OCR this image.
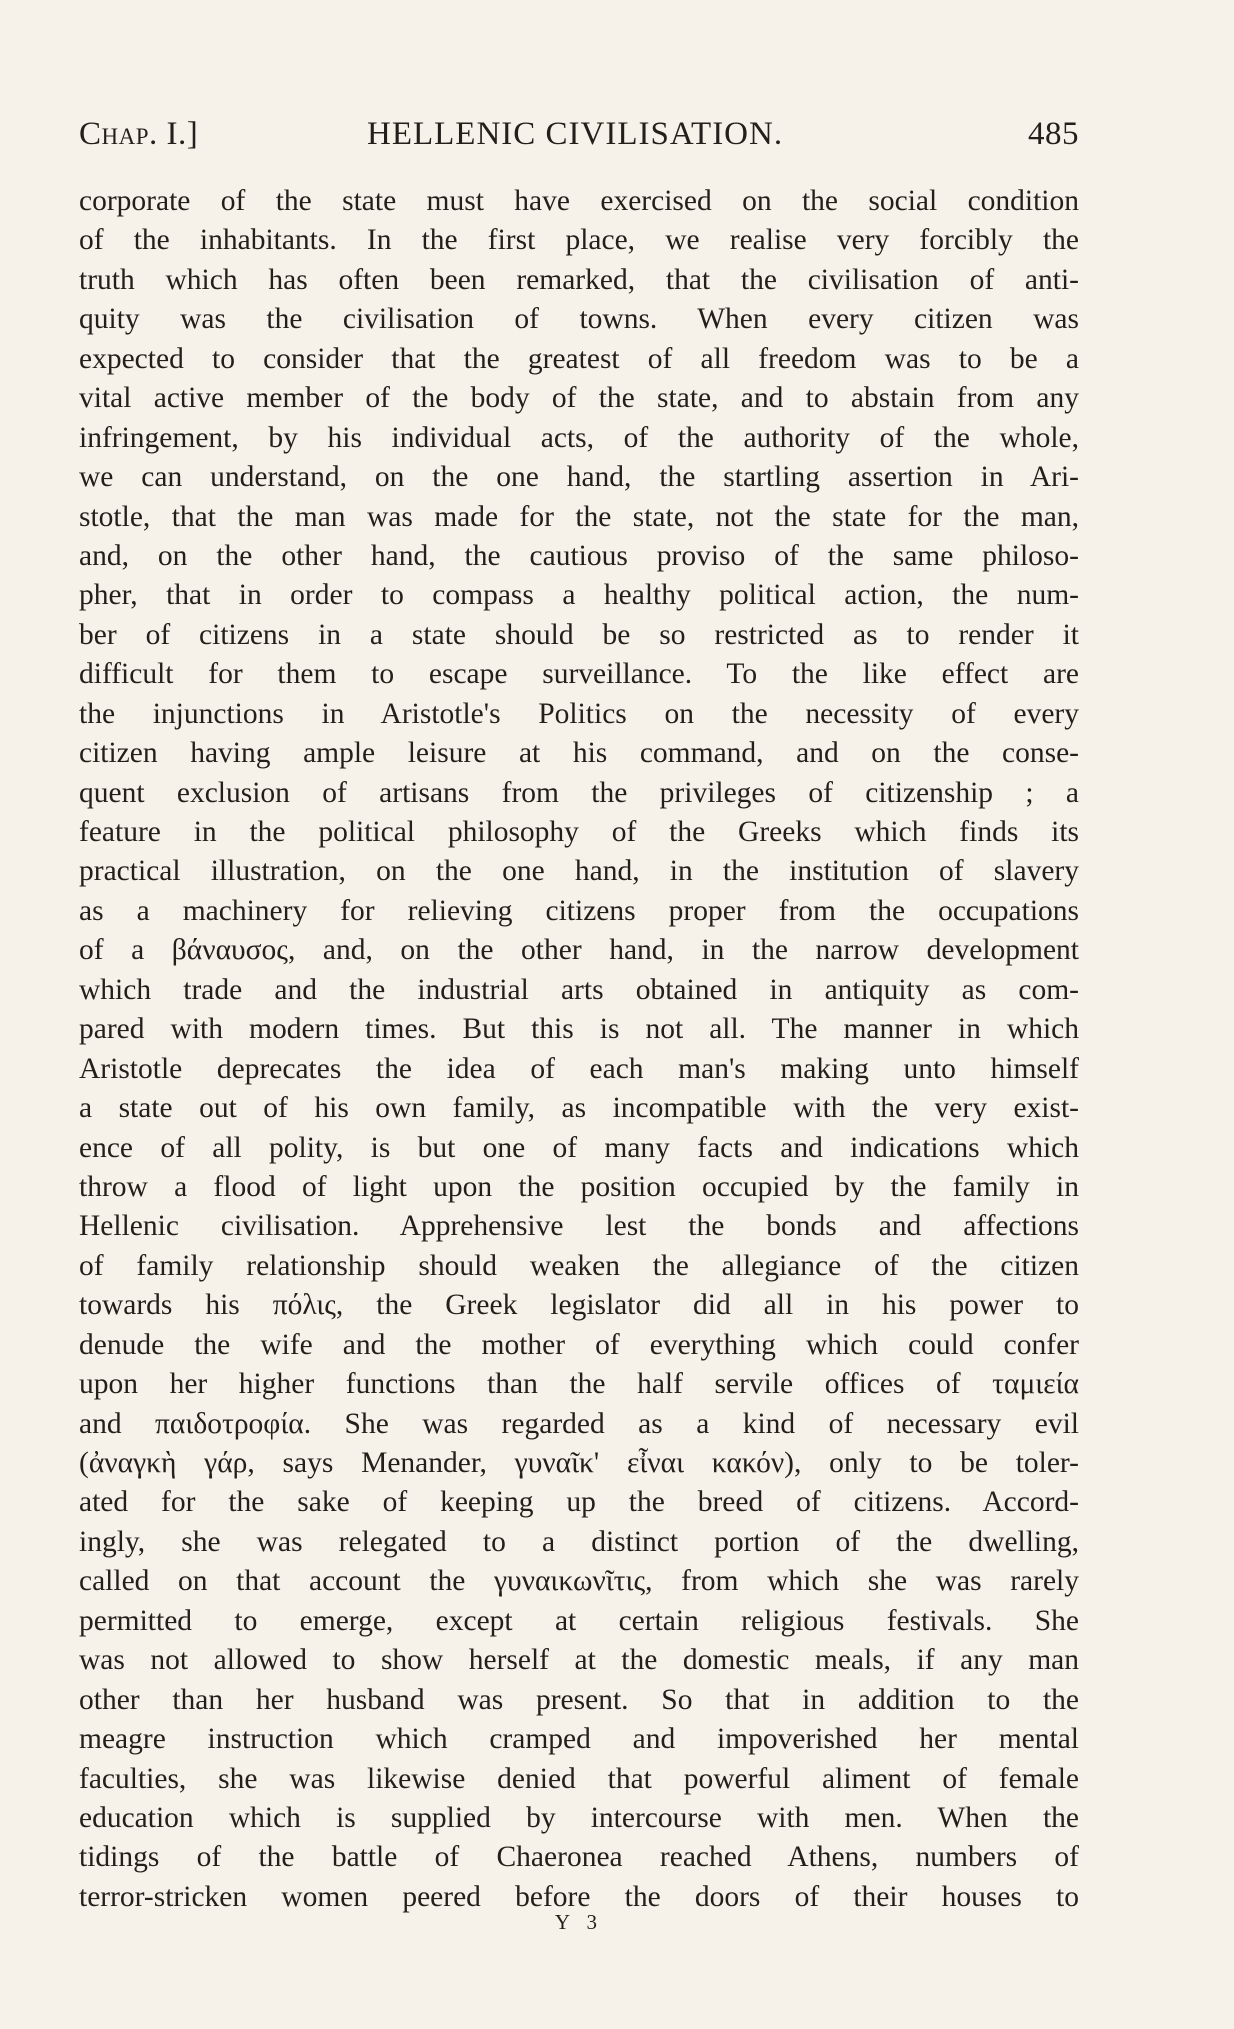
Chap. I.]	HELLENIC CIVILISATION.	485
corporate of the state must have exercised on the social condition
of the inhabitants. In the first place, we realise very forcibly the
truth which has often been remarked, that the civilisation of anti-
quity was the civilisation of towns. When every citizen was
expected to consider that the greatest of all freedom was to be a
vital active member of the body of the state, and to abstain from any
infringement, by his individual acts, of the authority of the whole,
we can understand, on the one hand, the startling assertion in Ari-
stotle, that the man was made for the state, not the state for the man,
and, on the other hand, the cautious proviso of the same philoso-
pher, that in order to compass a healthy political action, the num-
ber of citizens in a state should be so restricted as to render it
difficult for them to escape surveillance. To the like effect are
the injunctions in Aristotle's Politics on the necessity of every
citizen having ample leisure at his command, and on the conse-
quent exclusion of artisans from the privileges of citizenship ; a
feature in the political philosophy of the Greeks which finds its
practical illustration, on the one hand, in the institution of slavery
as a machinery for relieving citizens proper from the occupations
of a βάναυσος, and, on the other hand, in the narrow development
which trade and the industrial arts obtained in antiquity as com-
pared with modern times. But this is not all. The manner in which
Aristotle deprecates the idea of each man's making unto himself
a state out of his own family, as incompatible with the very exist-
ence of all polity, is but one of many facts and indications which
throw a flood of light upon the position occupied by the family in
Hellenic civilisation. Apprehensive lest the bonds and affections
of family relationship should weaken the allegiance of the citizen
towards his πόλις, the Greek legislator did all in his power to
denude the wife and the mother of everything which could confer
upon her higher functions than the half servile offices of ταμιεία
and παιδοτροφία. She was regarded as a kind of necessary evil
(ἀναγκὴ γάρ, says Menander, γυναῖκ' εἶναι κακόν), only to be toler-
ated for the sake of keeping up the breed of citizens. Accord-
ingly, she was relegated to a distinct portion of the dwelling,
called on that account the γυναικωνῖτις, from which she was rarely
permitted to emerge, except at certain religious festivals. She
was not allowed to show herself at the domestic meals, if any man
other than her husband was present. So that in addition to the
meagre instruction which cramped and impoverished her mental
faculties, she was likewise denied that powerful aliment of female
education which is supplied by intercourse with men. When the
tidings of the battle of Chaeronea reached Athens, numbers of
terror-stricken women peered before the doors of their houses to
Y 3
